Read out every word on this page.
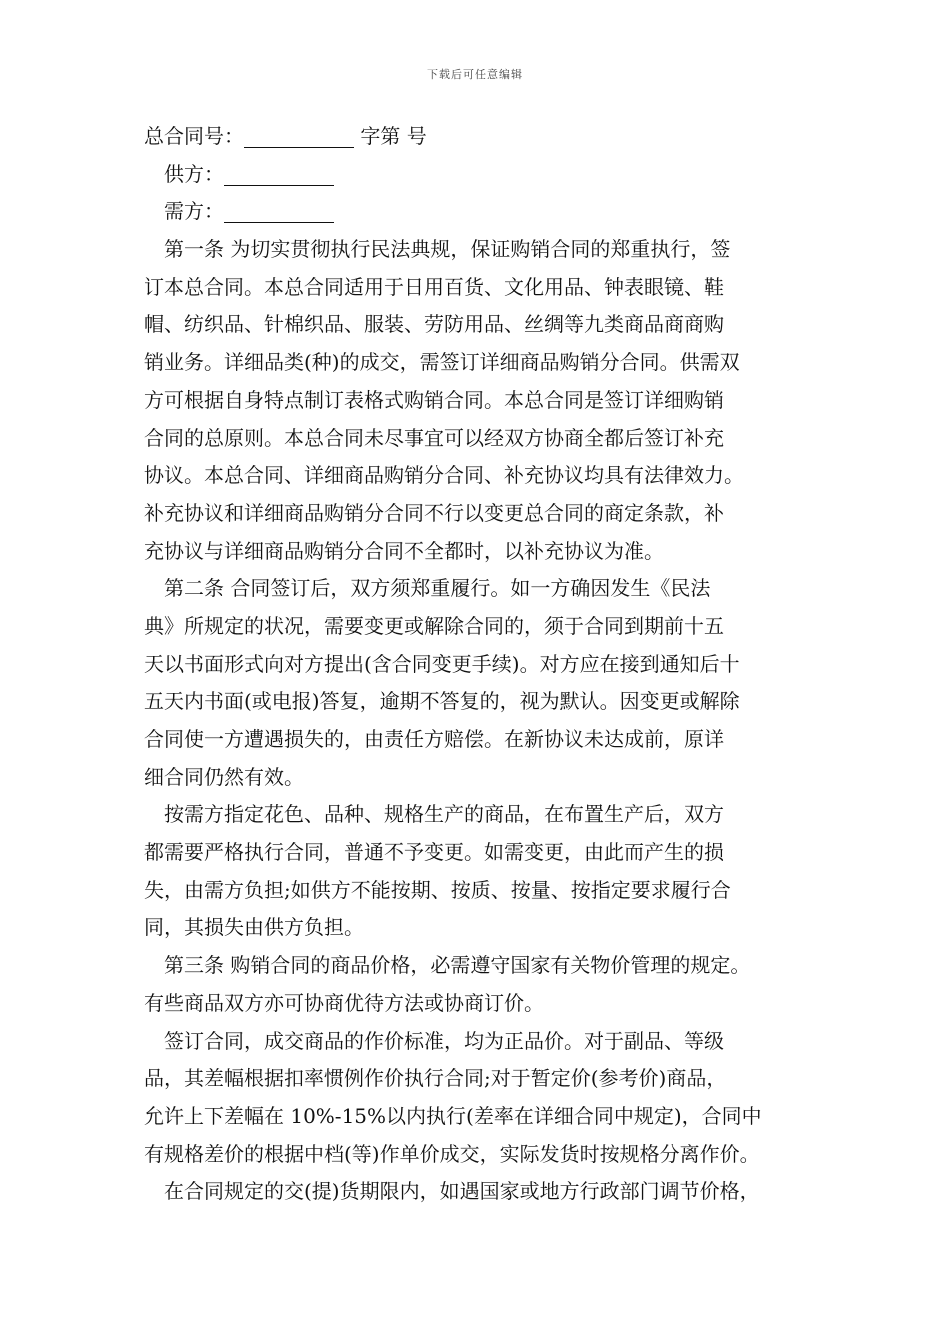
下载后可任意编辑
总合同号：	字第 号
供方：
需方：
第一条 为切实贯彻执行民法典规，保证购销合同的郑重执行，签
订本总合同。本总合同适用于日用百货、文化用品、钟表眼镜、鞋
帽、纺织品、针棉织品、服装、劳防用品、丝绸等九类商品商商购
销业务。详细品类(种)的成交，需签订详细商品购销分合同。供需双
方可根据自身特点制订表格式购销合同。本总合同是签订详细购销
合同的总原则。本总合同未尽事宜可以经双方协商全都后签订补充
协议。本总合同、详细商品购销分合同、补充协议均具有法律效力。
补充协议和详细商品购销分合同不行以变更总合同的商定条款，补
充协议与详细商品购销分合同不全都时，以补充协议为准。
第二条 合同签订后，双方须郑重履行。如一方确因发生《民法
典》所规定的状况，需要变更或解除合同的，须于合同到期前十五
天以书面形式向对方提出(含合同变更手续)。对方应在接到通知后十
五天内书面(或电报)答复，逾期不答复的，视为默认。因变更或解除
合同使一方遭遇损失的，由责任方赔偿。在新协议未达成前，原详
细合同仍然有效。
按需方指定花色、品种、规格生产的商品，在布置生产后，双方
都需要严格执行合同，普通不予变更。如需变更，由此而产生的损
失，由需方负担;如供方不能按期、按质、按量、按指定要求履行合
同，其损失由供方负担。
第三条 购销合同的商品价格，必需遵守国家有关物价管理的规定。
有些商品双方亦可协商优待方法或协商订价。
签订合同，成交商品的作价标准，均为正品价。对于副品、等级
品，其差幅根据扣率惯例作价执行合同;对于暂定价(参考价)商品，
允许上下差幅在 10%-15%以内执行(差率在详细合同中规定)，合同中
有规格差价的根据中档(等)作单价成交，实际发货时按规格分离作价。
在合同规定的交(提)货期限内，如遇国家或地方行政部门调节价格，
